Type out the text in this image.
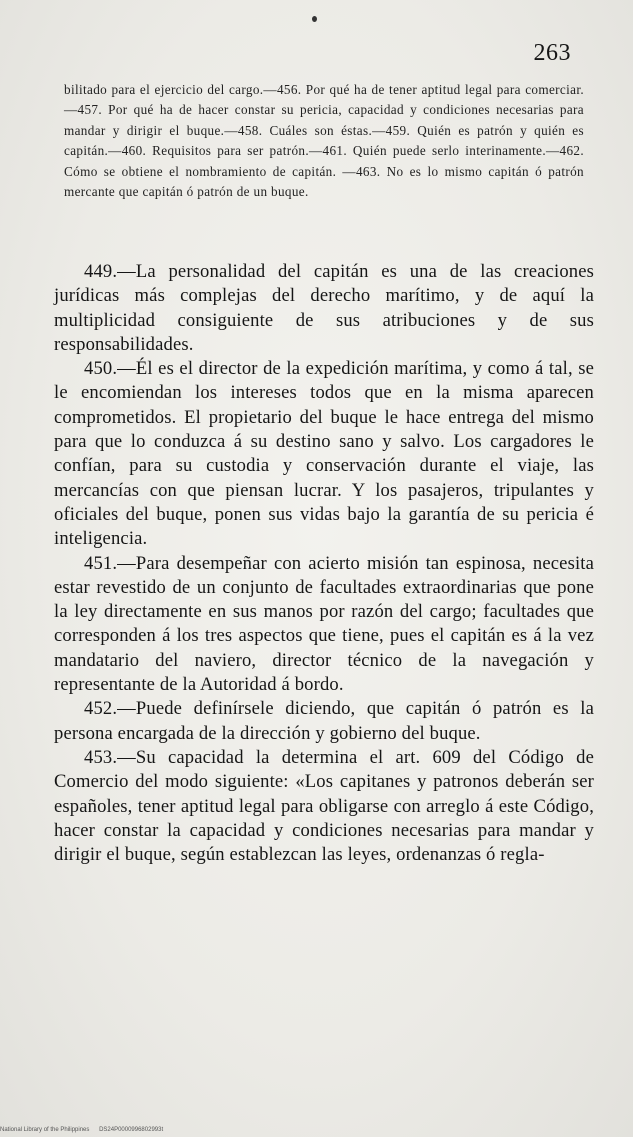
263

bilitado para el ejercicio del cargo.—456. Por qué ha de tener aptitud legal para comerciar.—457. Por qué ha de hacer constar su pericia, capacidad y condiciones necesarias para mandar y dirigir el buque.—458. Cuáles son éstas.—459. Quién es patrón y quién es capitán.—460. Requisitos para ser patrón.—461. Quién puede serlo interinamente.—462. Cómo se obtiene el nombramiento de capitán. —463. No es lo mismo capitán ó patrón mercante que capitán ó patrón de un buque.

449.—La personalidad del capitán es una de las creaciones jurídicas más complejas del derecho marítimo, y de aquí la multiplicidad consiguiente de sus atribuciones y de sus responsabilidades.

450.—Él es el director de la expedición marítima, y como á tal, se le encomiendan los intereses todos que en la misma aparecen comprometidos. El propietario del buque le hace entrega del mismo para que lo conduzca á su destino sano y salvo. Los cargadores le confían, para su custodia y conservación durante el viaje, las mercancías con que piensan lucrar. Y los pasajeros, tripulantes y oficiales del buque, ponen sus vidas bajo la garantía de su pericia é inteligencia.

451.—Para desempeñar con acierto misión tan espinosa, necesita estar revestido de un conjunto de facultades extraordinarias que pone la ley directamente en sus manos por razón del cargo; facultades que corresponden á los tres aspectos que tiene, pues el capitán es á la vez mandatario del naviero, director técnico de la navegación y representante de la Autoridad á bordo.

452.—Puede definírsele diciendo, que capitán ó patrón es la persona encargada de la dirección y gobierno del buque.

453.—Su capacidad la determina el art. 609 del Código de Comercio del modo siguiente: «Los capitanes y patronos deberán ser españoles, tener aptitud legal para obligarse con arreglo á este Código, hacer constar la capacidad y condiciones necesarias para mandar y dirigir el buque, según establezcan las leyes, ordenanzas ó regla-

National Library of the Philippines DS24P0000996802993t
